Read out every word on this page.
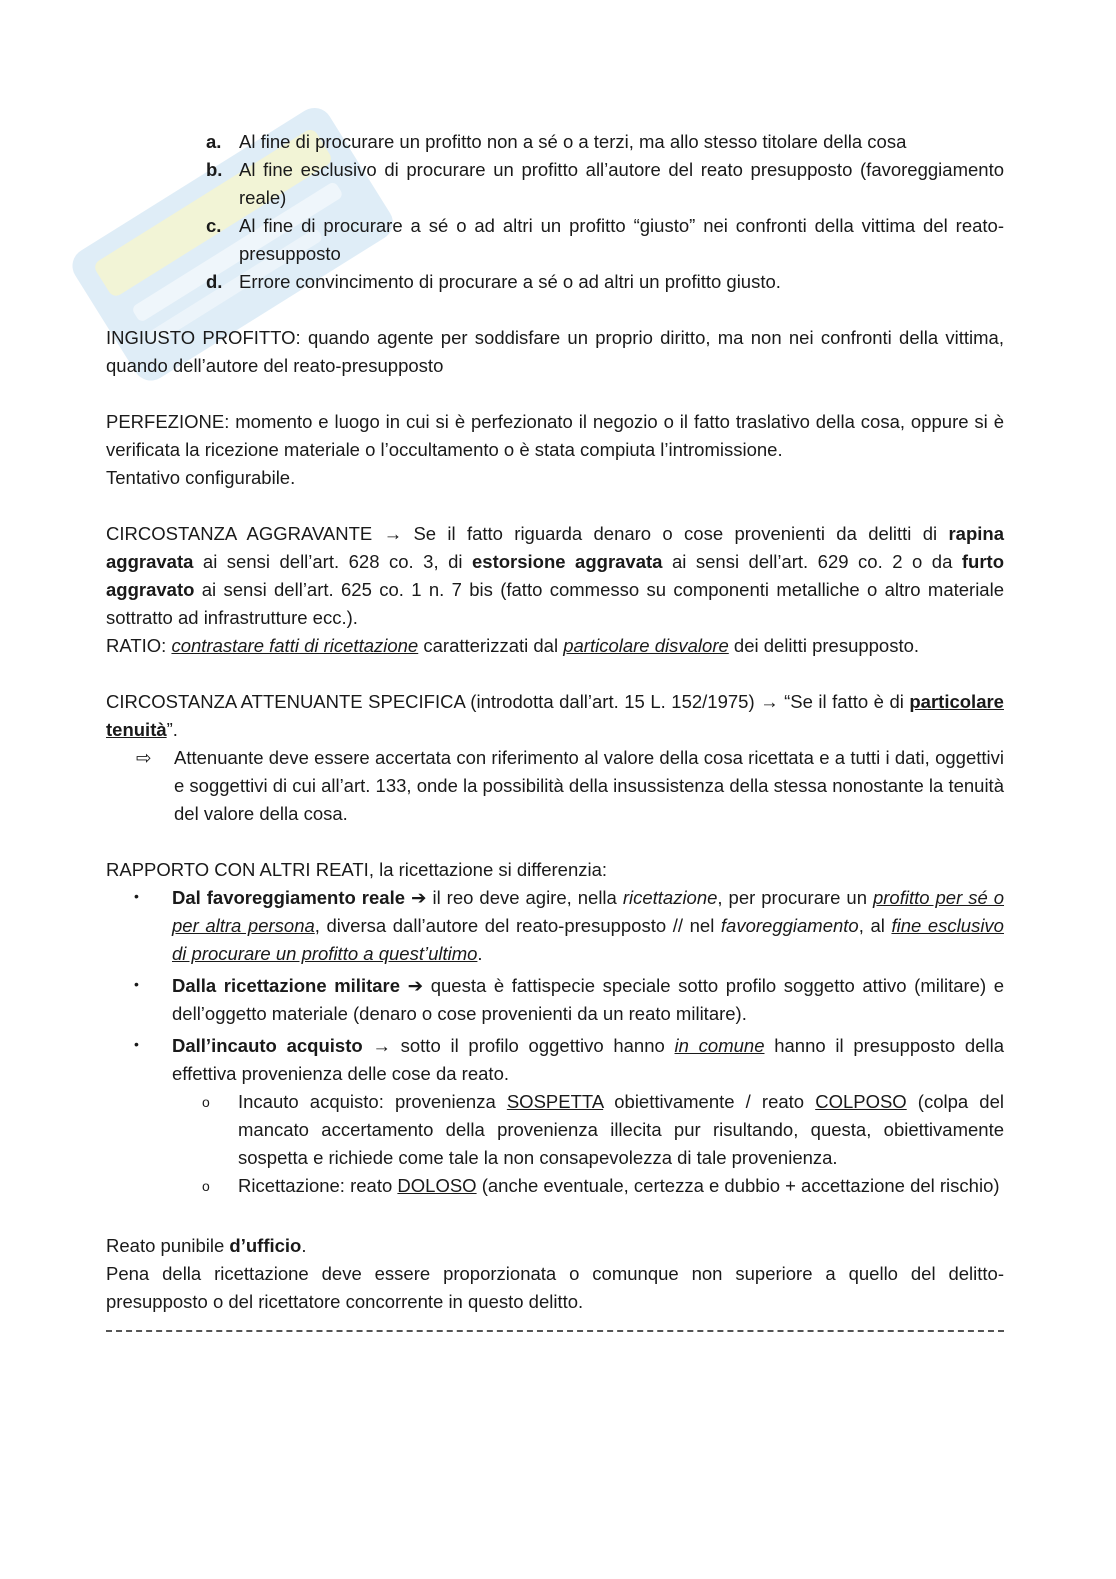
a. Al fine di procurare un profitto non a sé o a terzi, ma allo stesso titolare della cosa
b. Al fine esclusivo di procurare un profitto all’autore del reato presupposto (favoreggiamento reale)
c. Al fine di procurare a sé o ad altri un profitto “giusto” nei confronti della vittima del reato-presupposto
d. Errore convincimento di procurare a sé o ad altri un profitto giusto.

INGIUSTO PROFITTO: quando agente per soddisfare un proprio diritto, ma non nei confronti della vittima, quando dell’autore del reato-presupposto

PERFEZIONE: momento e luogo in cui si è perfezionato il negozio o il fatto traslativo della cosa, oppure si è verificata la ricezione materiale o l’occultamento o è stata compiuta l’intromissione.

Tentativo configurabile.

CIRCOSTANZA AGGRAVANTE → Se il fatto riguarda denaro o cose provenienti da delitti di rapina aggravata ai sensi dell’art. 628 co. 3, di estorsione aggravata ai sensi dell’art. 629 co. 2 o da furto aggravato ai sensi dell’art. 625 co. 1 n. 7 bis (fatto commesso su componenti metalliche o altro materiale sottratto ad infrastrutture ecc.).

RATIO: contrastare fatti di ricettazione caratterizzati dal particolare disvalore dei delitti presupposto.

CIRCOSTANZA ATTENUANTE SPECIFICA (introdotta dall’art. 15 L. 152/1975) → “Se il fatto è di particolare tenuità”.

⇨	Attenuante deve essere accertata con riferimento al valore della cosa ricettata e a tutti i dati, oggettivi e soggettivi di cui all’art. 133, onde la possibilità della insussistenza della stessa nonostante la tenuità del valore della cosa.

RAPPORTO CON ALTRI REATI, la ricettazione si differenzia:

•	Dal favoreggiamento reale ➔ il reo deve agire, nella ricettazione, per procurare un profitto per sé o per altra persona, diversa dall’autore del reato-presupposto // nel favoreggiamento, al fine esclusivo di procurare un profitto a quest’ultimo.

•	Dalla ricettazione militare ➔ questa è fattispecie speciale sotto profilo soggetto attivo (militare) e dell’oggetto materiale (denaro o cose provenienti da un reato militare).

•	Dall’incauto acquisto → sotto il profilo oggettivo hanno in comune hanno il presupposto della effettiva provenienza delle cose da reato.

o	Incauto acquisto: provenienza SOSPETTA obiettivamente / reato COLPOSO (colpa del mancato accertamento della provenienza illecita pur risultando, questa, obiettivamente sospetta e richiede come tale la non consapevolezza di tale provenienza.
o	Ricettazione: reato DOLOSO (anche eventuale, certezza e dubbio + accettazione del rischio)

Reato punibile d’ufficio.

Pena della ricettazione deve essere proporzionata o comunque non superiore a quello del delitto-presupposto o del ricettatore concorrente in questo delitto.
